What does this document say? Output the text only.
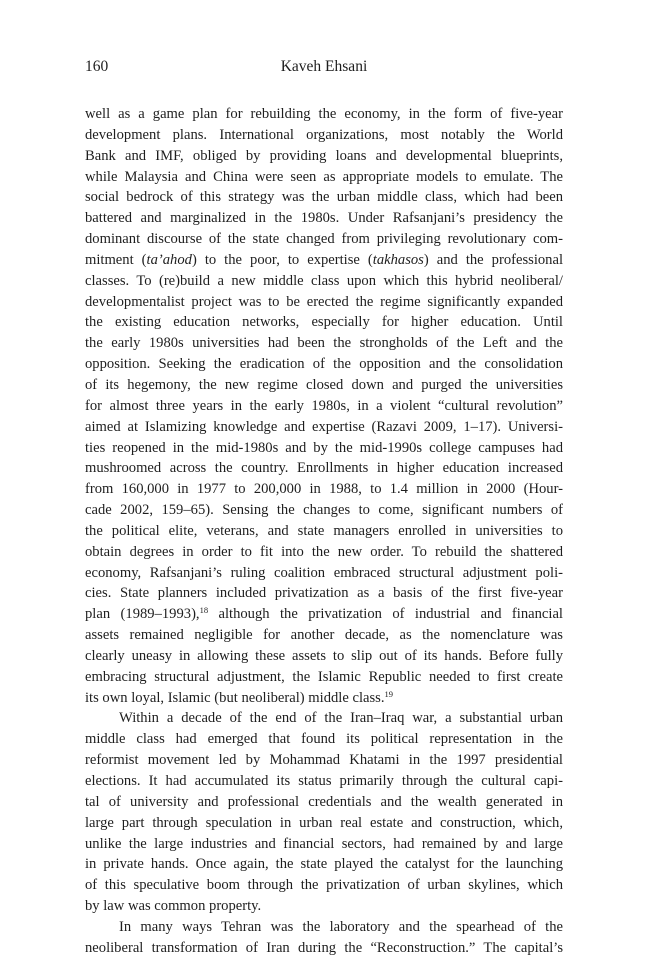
160	Kaveh Ehsani
well as a game plan for rebuilding the economy, in the form of five-year
development plans. International organizations, most notably the World
Bank and IMF, obliged by providing loans and developmental blueprints,
while Malaysia and China were seen as appropriate models to emulate. The
social bedrock of this strategy was the urban middle class, which had been
battered and marginalized in the 1980s. Under Rafsanjani’s presidency the
dominant discourse of the state changed from privileging revolutionary com-
mitment (ta’ahod) to the poor, to expertise (takhasos) and the professional
classes. To (re)build a new middle class upon which this hybrid neoliberal/
developmentalist project was to be erected the regime significantly expanded
the existing education networks, especially for higher education. Until
the early 1980s universities had been the strongholds of the Left and the
opposition. Seeking the eradication of the opposition and the consolidation
of its hegemony, the new regime closed down and purged the universities
for almost three years in the early 1980s, in a violent “cultural revolution”
aimed at Islamizing knowledge and expertise (Razavi 2009, 1–17). Universi-
ties reopened in the mid-1980s and by the mid-1990s college campuses had
mushroomed across the country. Enrollments in higher education increased
from 160,000 in 1977 to 200,000 in 1988, to 1.4 million in 2000 (Hour-
cade 2002, 159–65). Sensing the changes to come, significant numbers of
the political elite, veterans, and state managers enrolled in universities to
obtain degrees in order to fit into the new order. To rebuild the shattered
economy, Rafsanjani’s ruling coalition embraced structural adjustment poli-
cies. State planners included privatization as a basis of the first five-year
plan (1989–1993),$^{18}$ although the privatization of industrial and financial
assets remained negligible for another decade, as the nomenclature was
clearly uneasy in allowing these assets to slip out of its hands. Before fully
embracing structural adjustment, the Islamic Republic needed to first create
its own loyal, Islamic (but neoliberal) middle class.$^{19}$
Within a decade of the end of the Iran–Iraq war, a substantial urban
middle class had emerged that found its political representation in the
reformist movement led by Mohammad Khatami in the 1997 presidential
elections. It had accumulated its status primarily through the cultural capi-
tal of university and professional credentials and the wealth generated in
large part through speculation in urban real estate and construction, which,
unlike the large industries and financial sectors, had remained by and large
in private hands. Once again, the state played the catalyst for the launching
of this speculative boom through the privatization of urban skylines, which
by law was common property.
In many ways Tehran was the laboratory and the spearhead of the
neoliberal transformation of Iran during the “Reconstruction.” The capital’s
